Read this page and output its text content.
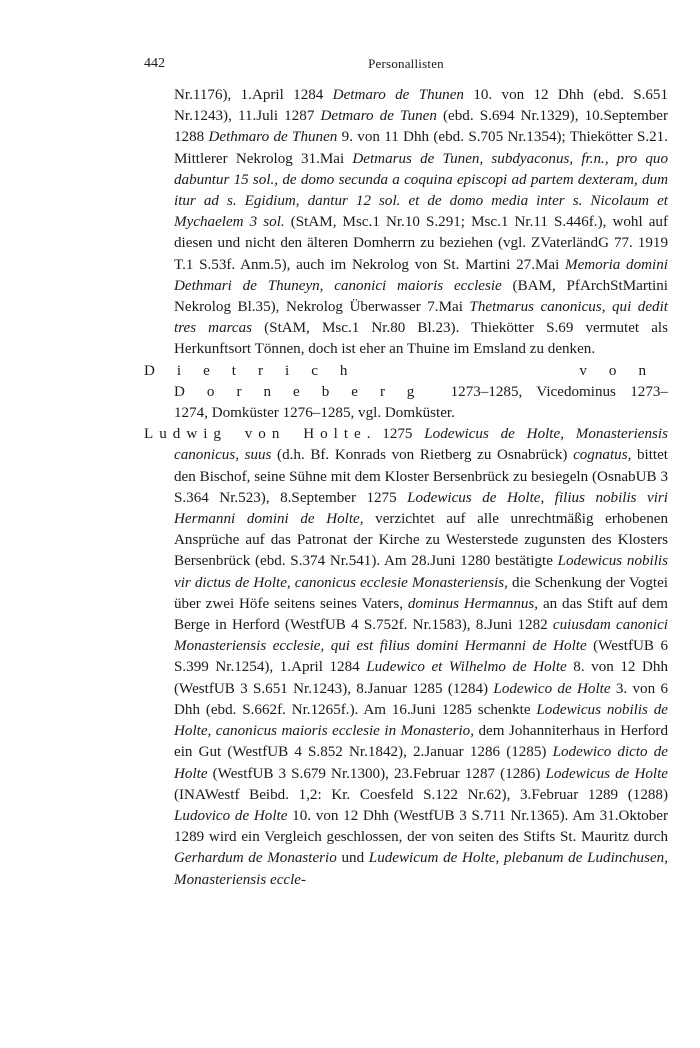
442	Personallisten

Nr.1176), 1.April 1284 Detmaro de Thunen 10. von 12 Dhh (ebd. S.651 Nr.1243), 11.Juli 1287 Detmaro de Tunen (ebd. S.694 Nr.1329), 10.September 1288 Dethmaro de Thunen 9. von 11 Dhh (ebd. S.705 Nr.1354); Thiekötter S.21. Mittlerer Nekrolog 31.Mai Detmarus de Tunen, subdyaconus, fr.n., pro quo dabuntur 15 sol., de domo secunda a coquina episcopi ad partem dexteram, dum itur ad s. Egidium, dantur 12 sol. et de domo media inter s. Nicolaum et Mychaelem 3 sol. (StAM, Msc.1 Nr.10 S.291; Msc.1 Nr.11 S.446f.), wohl auf diesen und nicht den älteren Domherrn zu beziehen (vgl. ZVaterländG 77. 1919 T.1 S.53f. Anm.5), auch im Nekrolog von St. Martini 27.Mai Memoria domini Dethmari de Thuneyn, canonici maioris ecclesie (BAM, PfArchStMartini Nekrolog Bl.35), Nekrolog Überwasser 7.Mai Thetmarus canonicus, qui dedit tres marcas (StAM, Msc.1 Nr.80 Bl.23). Thiekötter S.69 vermutet als Herkunftsort Tönnen, doch ist eher an Thuine im Emsland zu denken.

Dietrich von Dorneberg 1273–1285, Vicedominus 1273–1274, Domküster 1276–1285, vgl. Domküster.

Ludwig von Holte. 1275 Lodewicus de Holte, Monasteriensis canonicus, suus (d.h. Bf. Konrads von Rietberg zu Osnabrück) cognatus, bittet den Bischof, seine Sühne mit dem Kloster Bersenbrück zu besiegeln (OsnabUB 3 S.364 Nr.523), 8.September 1275 Lodewicus de Holte, filius nobilis viri Hermanni domini de Holte, verzichtet auf alle unrechtmäßig erhobenen Ansprüche auf das Patronat der Kirche zu Westerstede zugunsten des Klosters Bersenbrück (ebd. S.374 Nr.541). Am 28.Juni 1280 bestätigte Lodewicus nobilis vir dictus de Holte, canonicus ecclesie Monasteriensis, die Schenkung der Vogtei über zwei Höfe seitens seines Vaters, dominus Hermannus, an das Stift auf dem Berge in Herford (WestfUB 4 S.752f. Nr.1583), 8.Juni 1282 cuiusdam canonici Monasteriensis ecclesie, qui est filius domini Hermanni de Holte (WestfUB 6 S.399 Nr.1254), 1.April 1284 Ludewico et Wilhelmo de Holte 8. von 12 Dhh (WestfUB 3 S.651 Nr.1243), 8.Januar 1285 (1284) Lodewico de Holte 3. von 6 Dhh (ebd. S.662f. Nr.1265f.). Am 16.Juni 1285 schenkte Lodewicus nobilis de Holte, canonicus maioris ecclesie in Monasterio, dem Johanniterhaus in Herford ein Gut (WestfUB 4 S.852 Nr.1842), 2.Januar 1286 (1285) Lodewico dicto de Holte (WestfUB 3 S.679 Nr.1300), 23.Februar 1287 (1286) Lodewicus de Holte (INAWestf Beibd. 1,2: Kr. Coesfeld S.122 Nr.62), 3.Februar 1289 (1288) Ludovico de Holte 10. von 12 Dhh (WestfUB 3 S.711 Nr.1365). Am 31.Oktober 1289 wird ein Vergleich geschlossen, der von seiten des Stifts St. Mauritz durch Gerhardum de Monasterio und Ludewicum de Holte, plebanum de Ludinchusen, Monasteriensis eccle-
